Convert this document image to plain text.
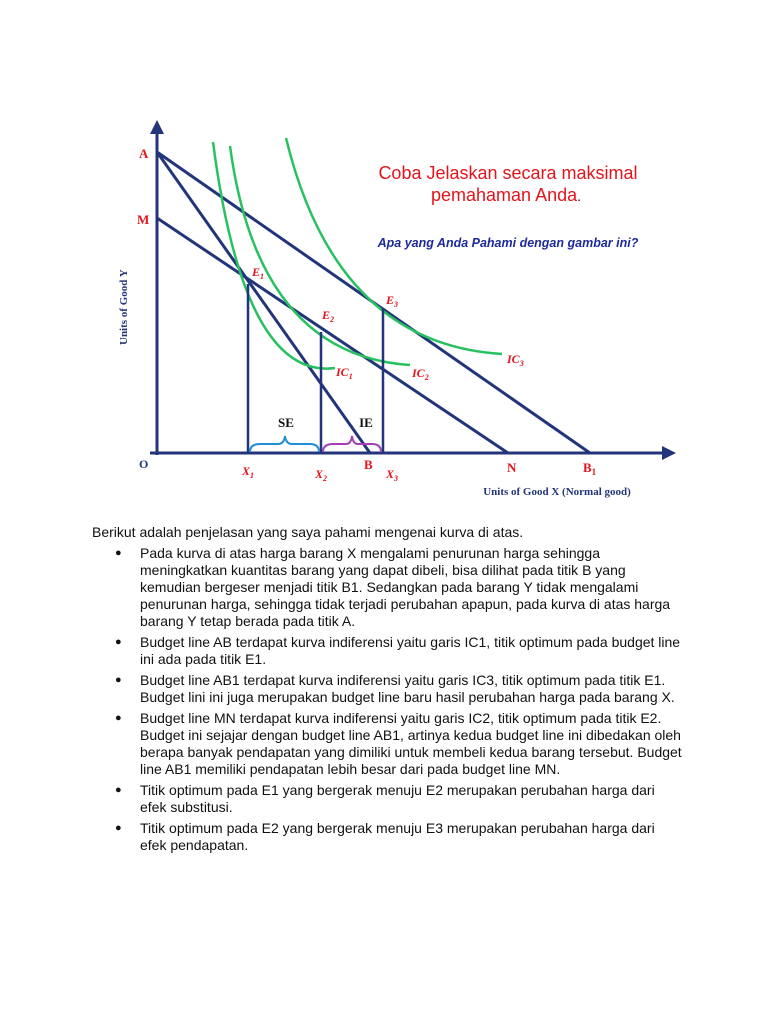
Coba Jelaskan secara maksimal
pemahaman Anda.
Apa yang Anda Pahami dengan gambar ini?
Units of Good Y
Units of Good X (Normal good)
A
M
O	B	N	$B_1$
$X_1$	$X_2$	$X_3$
$E_1$
$E_2$
$E_3$
$IC_1$	$IC_2$
$IC_3$
SE	IE

Berikut adalah penjelasan yang saya pahami mengenai kurva di atas.

● Pada kurva di atas harga barang X mengalami penurunan harga sehingga meningkatkan kuantitas barang yang dapat dibeli, bisa dilihat pada titik B yang kemudian bergeser menjadi titik B1. Sedangkan pada barang Y tidak mengalami penurunan harga, sehingga tidak terjadi perubahan apapun, pada kurva di atas harga barang Y tetap berada pada titik A.
● Budget line AB terdapat kurva indiferensi yaitu garis IC1, titik optimum pada budget line ini ada pada titik E1.
● Budget line AB1 terdapat kurva indiferensi yaitu garis IC3, titik optimum pada titik E1. Budget lini ini juga merupakan budget line baru hasil perubahan harga pada barang X.
● Budget line MN terdapat kurva indiferensi yaitu garis IC2, titik optimum pada titik E2. Budget ini sejajar dengan budget line AB1, artinya kedua budget line ini dibedakan oleh berapa banyak pendapatan yang dimiliki untuk membeli kedua barang tersebut. Budget line AB1 memiliki pendapatan lebih besar dari pada budget line MN.
● Titik optimum pada E1 yang bergerak menuju E2 merupakan perubahan harga dari efek substitusi.
● Titik optimum pada E2 yang bergerak menuju E3 merupakan perubahan harga dari efek pendapatan.
